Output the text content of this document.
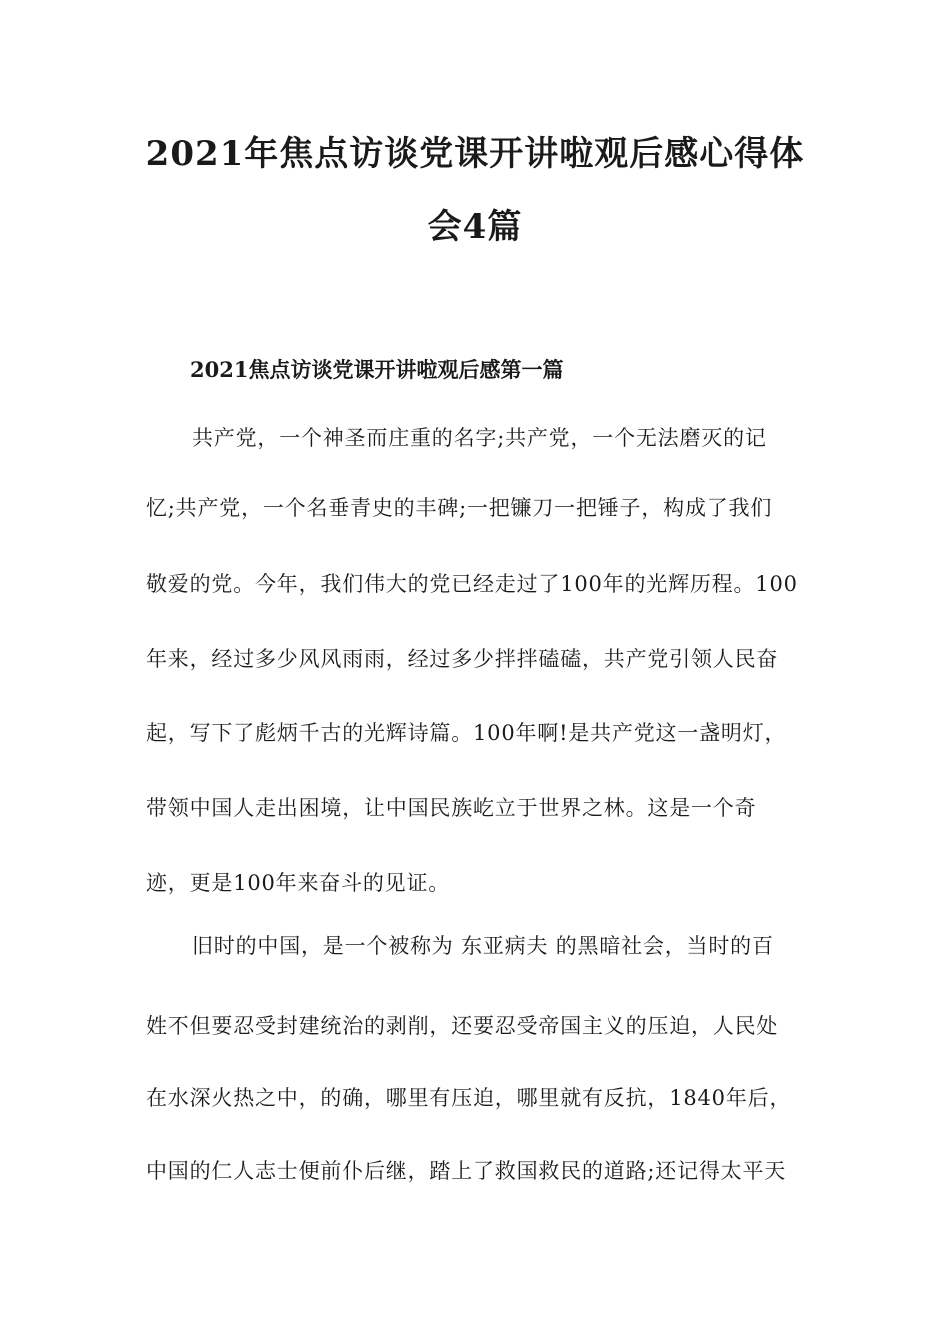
2021年焦点访谈党课开讲啦观后感心得体
会4篇
2021焦点访谈党课开讲啦观后感第一篇
共产党，一个神圣而庄重的名字;共产党，一个无法磨灭的记
忆;共产党，一个名垂青史的丰碑;一把镰刀一把锤子，构成了我们
敬爱的党。今年，我们伟大的党已经走过了100年的光辉历程。100
年来，经过多少风风雨雨，经过多少拌拌磕磕，共产党引领人民奋
起，写下了彪炳千古的光辉诗篇。100年啊!是共产党这一盏明灯，
带领中国人走出困境，让中国民族屹立于世界之林。这是一个奇
迹，更是100年来奋斗的见证。
旧时的中国，是一个被称为 东亚病夫 的黑暗社会，当时的百
姓不但要忍受封建统治的剥削，还要忍受帝国主义的压迫，人民处
在水深火热之中，的确，哪里有压迫，哪里就有反抗，1840年后，
中国的仁人志士便前仆后继，踏上了救国救民的道路;还记得太平天
